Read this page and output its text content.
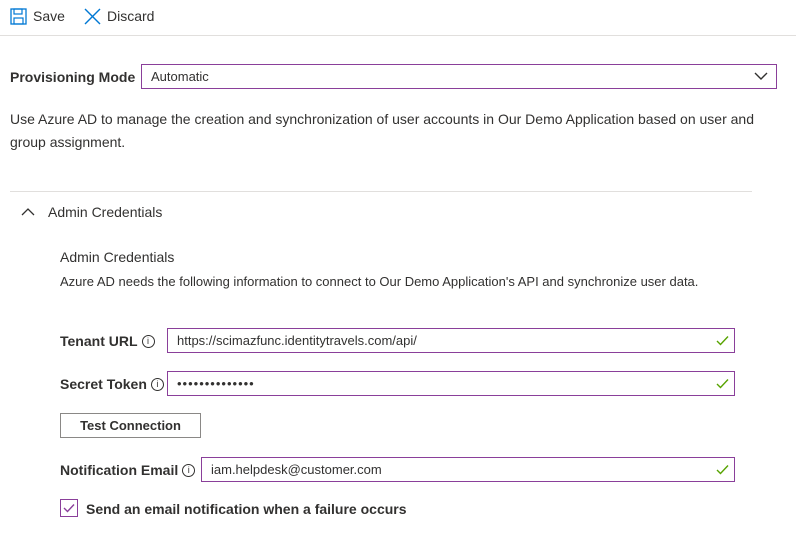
Save	Discard
Provisioning Mode Automatic
Use Azure AD to manage the creation and synchronization of user accounts in Our Demo Application based on user and group assignment.
Admin Credentials
Admin Credentials
Azure AD needs the following information to connect to Our Demo Application's API and synchronize user data.
Tenant URL	i	https://scimazfunc.identitytravels.com/api/
Secret Token	i	••••••••••••••
Test Connection
Notification Email	i	iam.helpdesk@customer.com
Send an email notification when a failure occurs
